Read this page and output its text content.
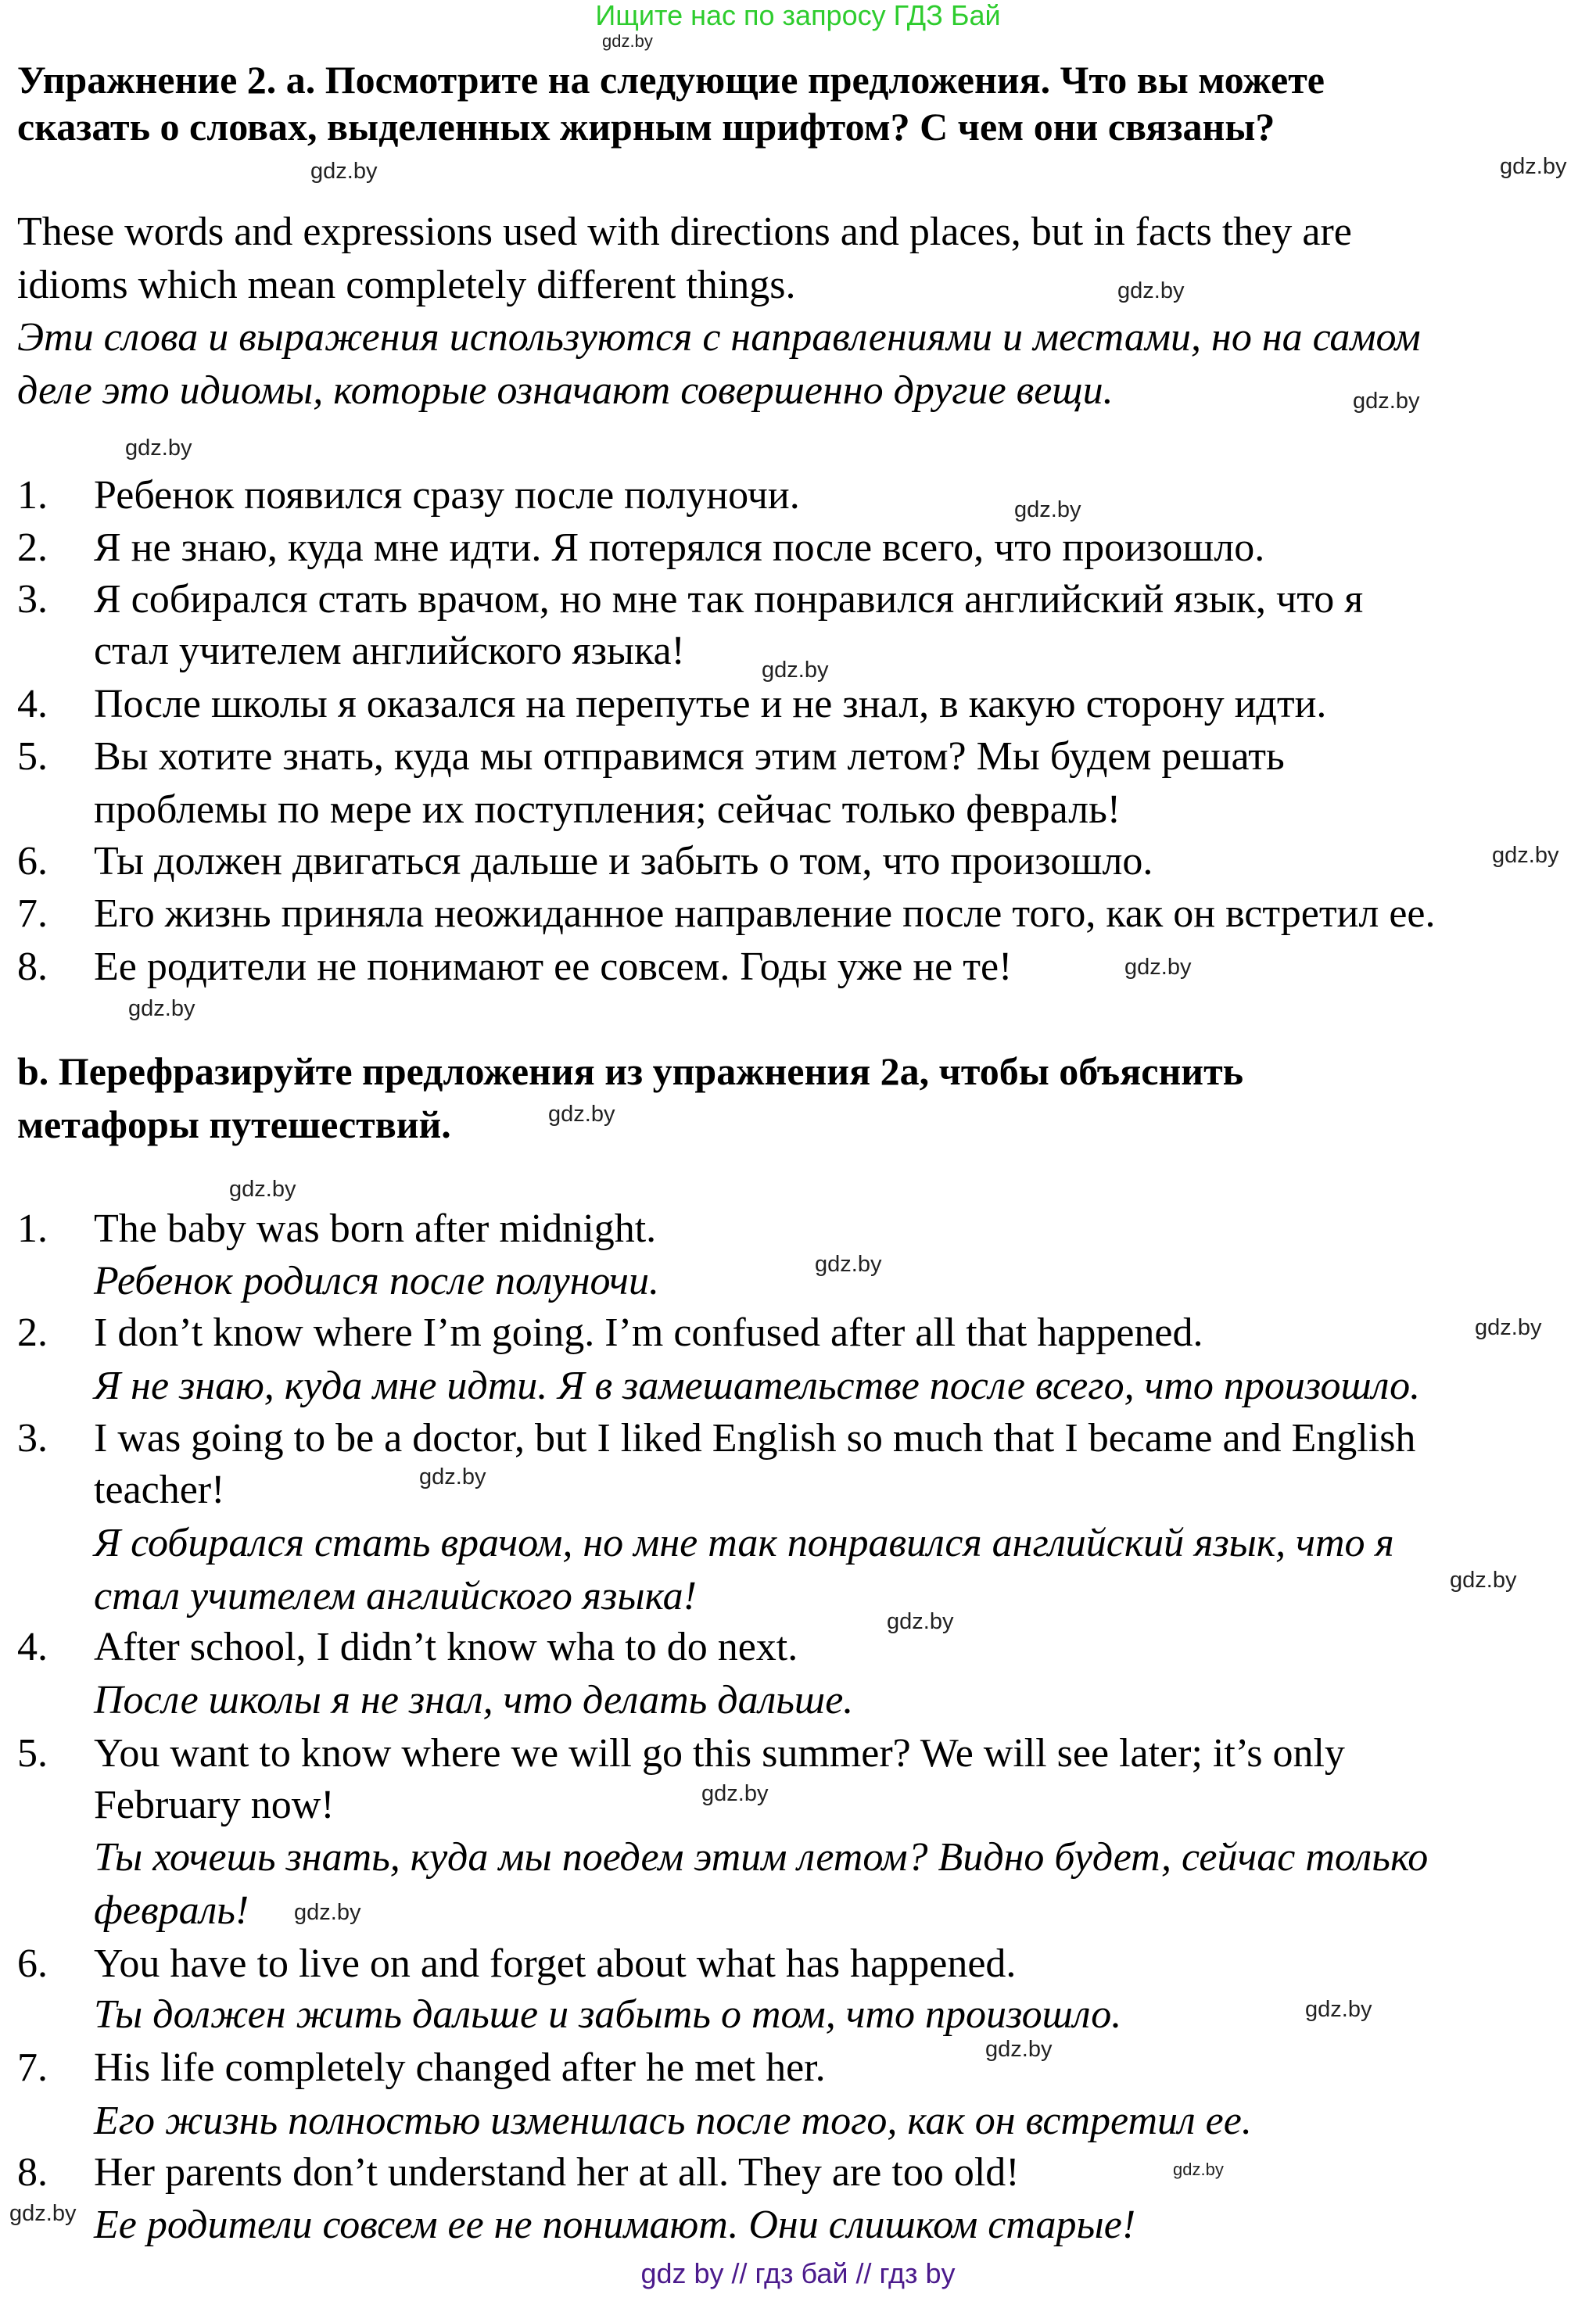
Ищите нас по запросу ГДЗ Бай
Упражнение 2. а. Посмотрите на следующие предложения. Что вы можете
сказать о словах, выделенных жирным шрифтом? С чем они связаны?
These words and expressions used with directions and places, but in facts they are
idioms which mean completely different things.
Эти слова и выражения используются с направлениями и местами, но на самом
деле это идиомы, которые означают совершенно другие вещи.
1. Ребенок появился сразу после полуночи.
2. Я не знаю, куда мне идти. Я потерялся после всего, что произошло.
3. Я собирался стать врачом, но мне так понравился английский язык, что я
стал учителем английского языка!
4. После школы я оказался на перепутье и не знал, в какую сторону идти.
5. Вы хотите знать, куда мы отправимся этим летом? Мы будем решать
проблемы по мере их поступления; сейчас только февраль!
6. Ты должен двигаться дальше и забыть о том, что произошло.
7. Его жизнь приняла неожиданное направление после того, как он встретил ее.
8. Ее родители не понимают ее совсем. Годы уже не те!
b. Перефразируйте предложения из упражнения 2а, чтобы объяснить
метафоры путешествий.
1. The baby was born after midnight.
Ребенок родился после полуночи.
2. I don’t know where I’m going. I’m confused after all that happened.
Я не знаю, куда мне идти. Я в замешательстве после всего, что произошло.
3. I was going to be a doctor, but I liked English so much that I became and English
teacher!
Я собирался стать врачом, но мне так понравился английский язык, что я
стал учителем английского языка!
4. After school, I didn’t know wha to do next.
После школы я не знал, что делать дальше.
5. You want to know where we will go this summer? We will see later; it’s only
February now!
Ты хочешь знать, куда мы поедем этим летом? Видно будет, сейчас только
февраль!
6. You have to live on and forget about what has happened.
Ты должен жить дальше и забыть о том, что произошло.
7. His life completely changed after he met her.
Его жизнь полностью изменилась после того, как он встретил ее.
8. Her parents don’t understand her at all. They are too old!
Ее родители совсем ее не понимают. Они слишком старые!
gdz.by
gdz.by
gdz.by
gdz.by
gdz.by
gdz.by
gdz.by
gdz.by
gdz.by
gdz.by
gdz.by
gdz.by
gdz.by
gdz.by
gdz.by
gdz.by
gdz.by
gdz.by
gdz.by
gdz.by
gdz.by
gdz.by
gdz.by
gdz.by
gdz by // гдз бай // гдз by
